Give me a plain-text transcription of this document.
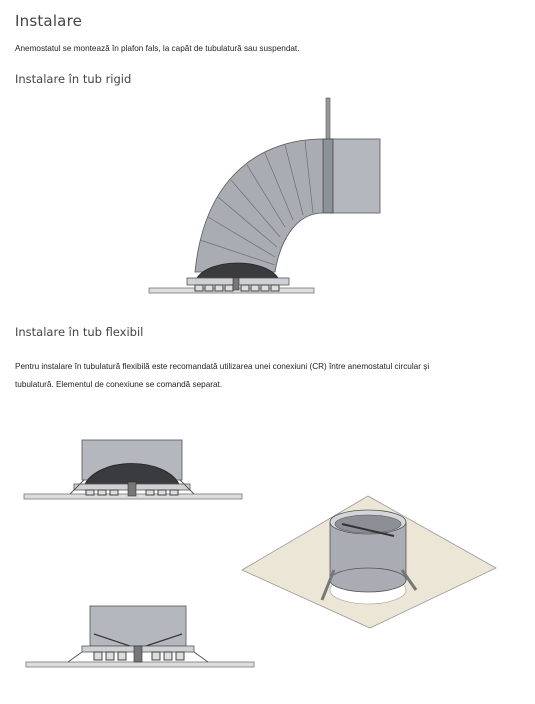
Instalare
Anemostatul se montează în plafon fals, la capăt de tubulatură sau suspendat.
Instalare în tub rigid
Instalare în tub flexibil
Pentru instalare în tubulatură flexibilă este recomandată utilizarea unei conexiuni (CR) între anemostatul circular și
tubulatură. Elementul de conexiune se comandă separat.
